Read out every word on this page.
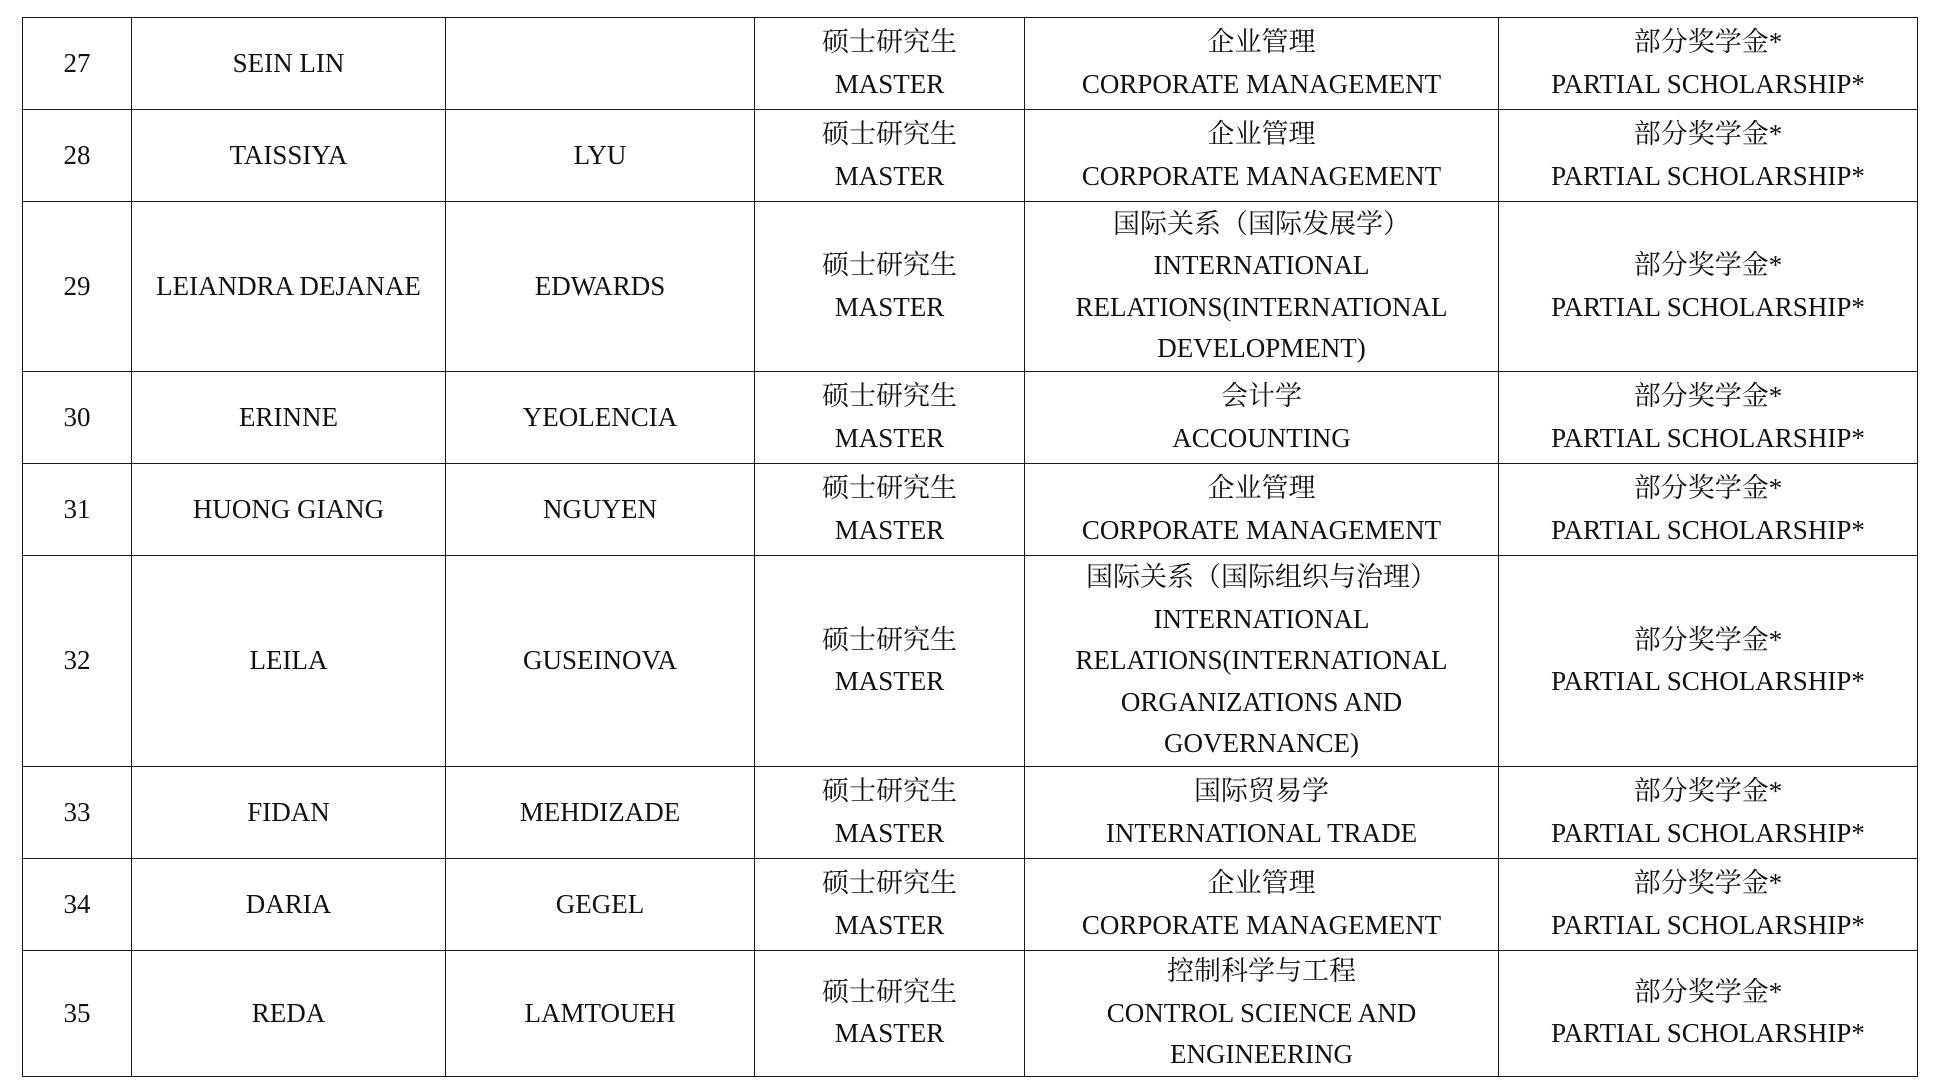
27	SEIN LIN		硕士研究生
MASTER	企业管理
CORPORATE MANAGEMENT	部分奖学金*
PARTIAL SCHOLARSHIP*

28	TAISSIYA	LYU	硕士研究生
MASTER	企业管理
CORPORATE MANAGEMENT	部分奖学金*
PARTIAL SCHOLARSHIP*

29	LEIANDRA DEJANAE	EDWARDS	硕士研究生
MASTER	国际关系（国际发展学）
INTERNATIONAL
RELATIONS(INTERNATIONAL
DEVELOPMENT)	部分奖学金*
PARTIAL SCHOLARSHIP*

30	ERINNE	YEOLENCIA	硕士研究生
MASTER	会计学
ACCOUNTING	部分奖学金*
PARTIAL SCHOLARSHIP*

31	HUONG GIANG	NGUYEN	硕士研究生
MASTER	企业管理
CORPORATE MANAGEMENT	部分奖学金*
PARTIAL SCHOLARSHIP*

32	LEILA	GUSEINOVA	硕士研究生
MASTER	国际关系（国际组织与治理）
INTERNATIONAL
RELATIONS(INTERNATIONAL
ORGANIZATIONS AND
GOVERNANCE)	部分奖学金*
PARTIAL SCHOLARSHIP*

33	FIDAN	MEHDIZADE	硕士研究生
MASTER	国际贸易学
INTERNATIONAL TRADE	部分奖学金*
PARTIAL SCHOLARSHIP*

34	DARIA	GEGEL	硕士研究生
MASTER	企业管理
CORPORATE MANAGEMENT	部分奖学金*
PARTIAL SCHOLARSHIP*

35	REDA	LAMTOUEH	硕士研究生
MASTER	控制科学与工程
CONTROL SCIENCE AND
ENGINEERING	部分奖学金*
PARTIAL SCHOLARSHIP*
